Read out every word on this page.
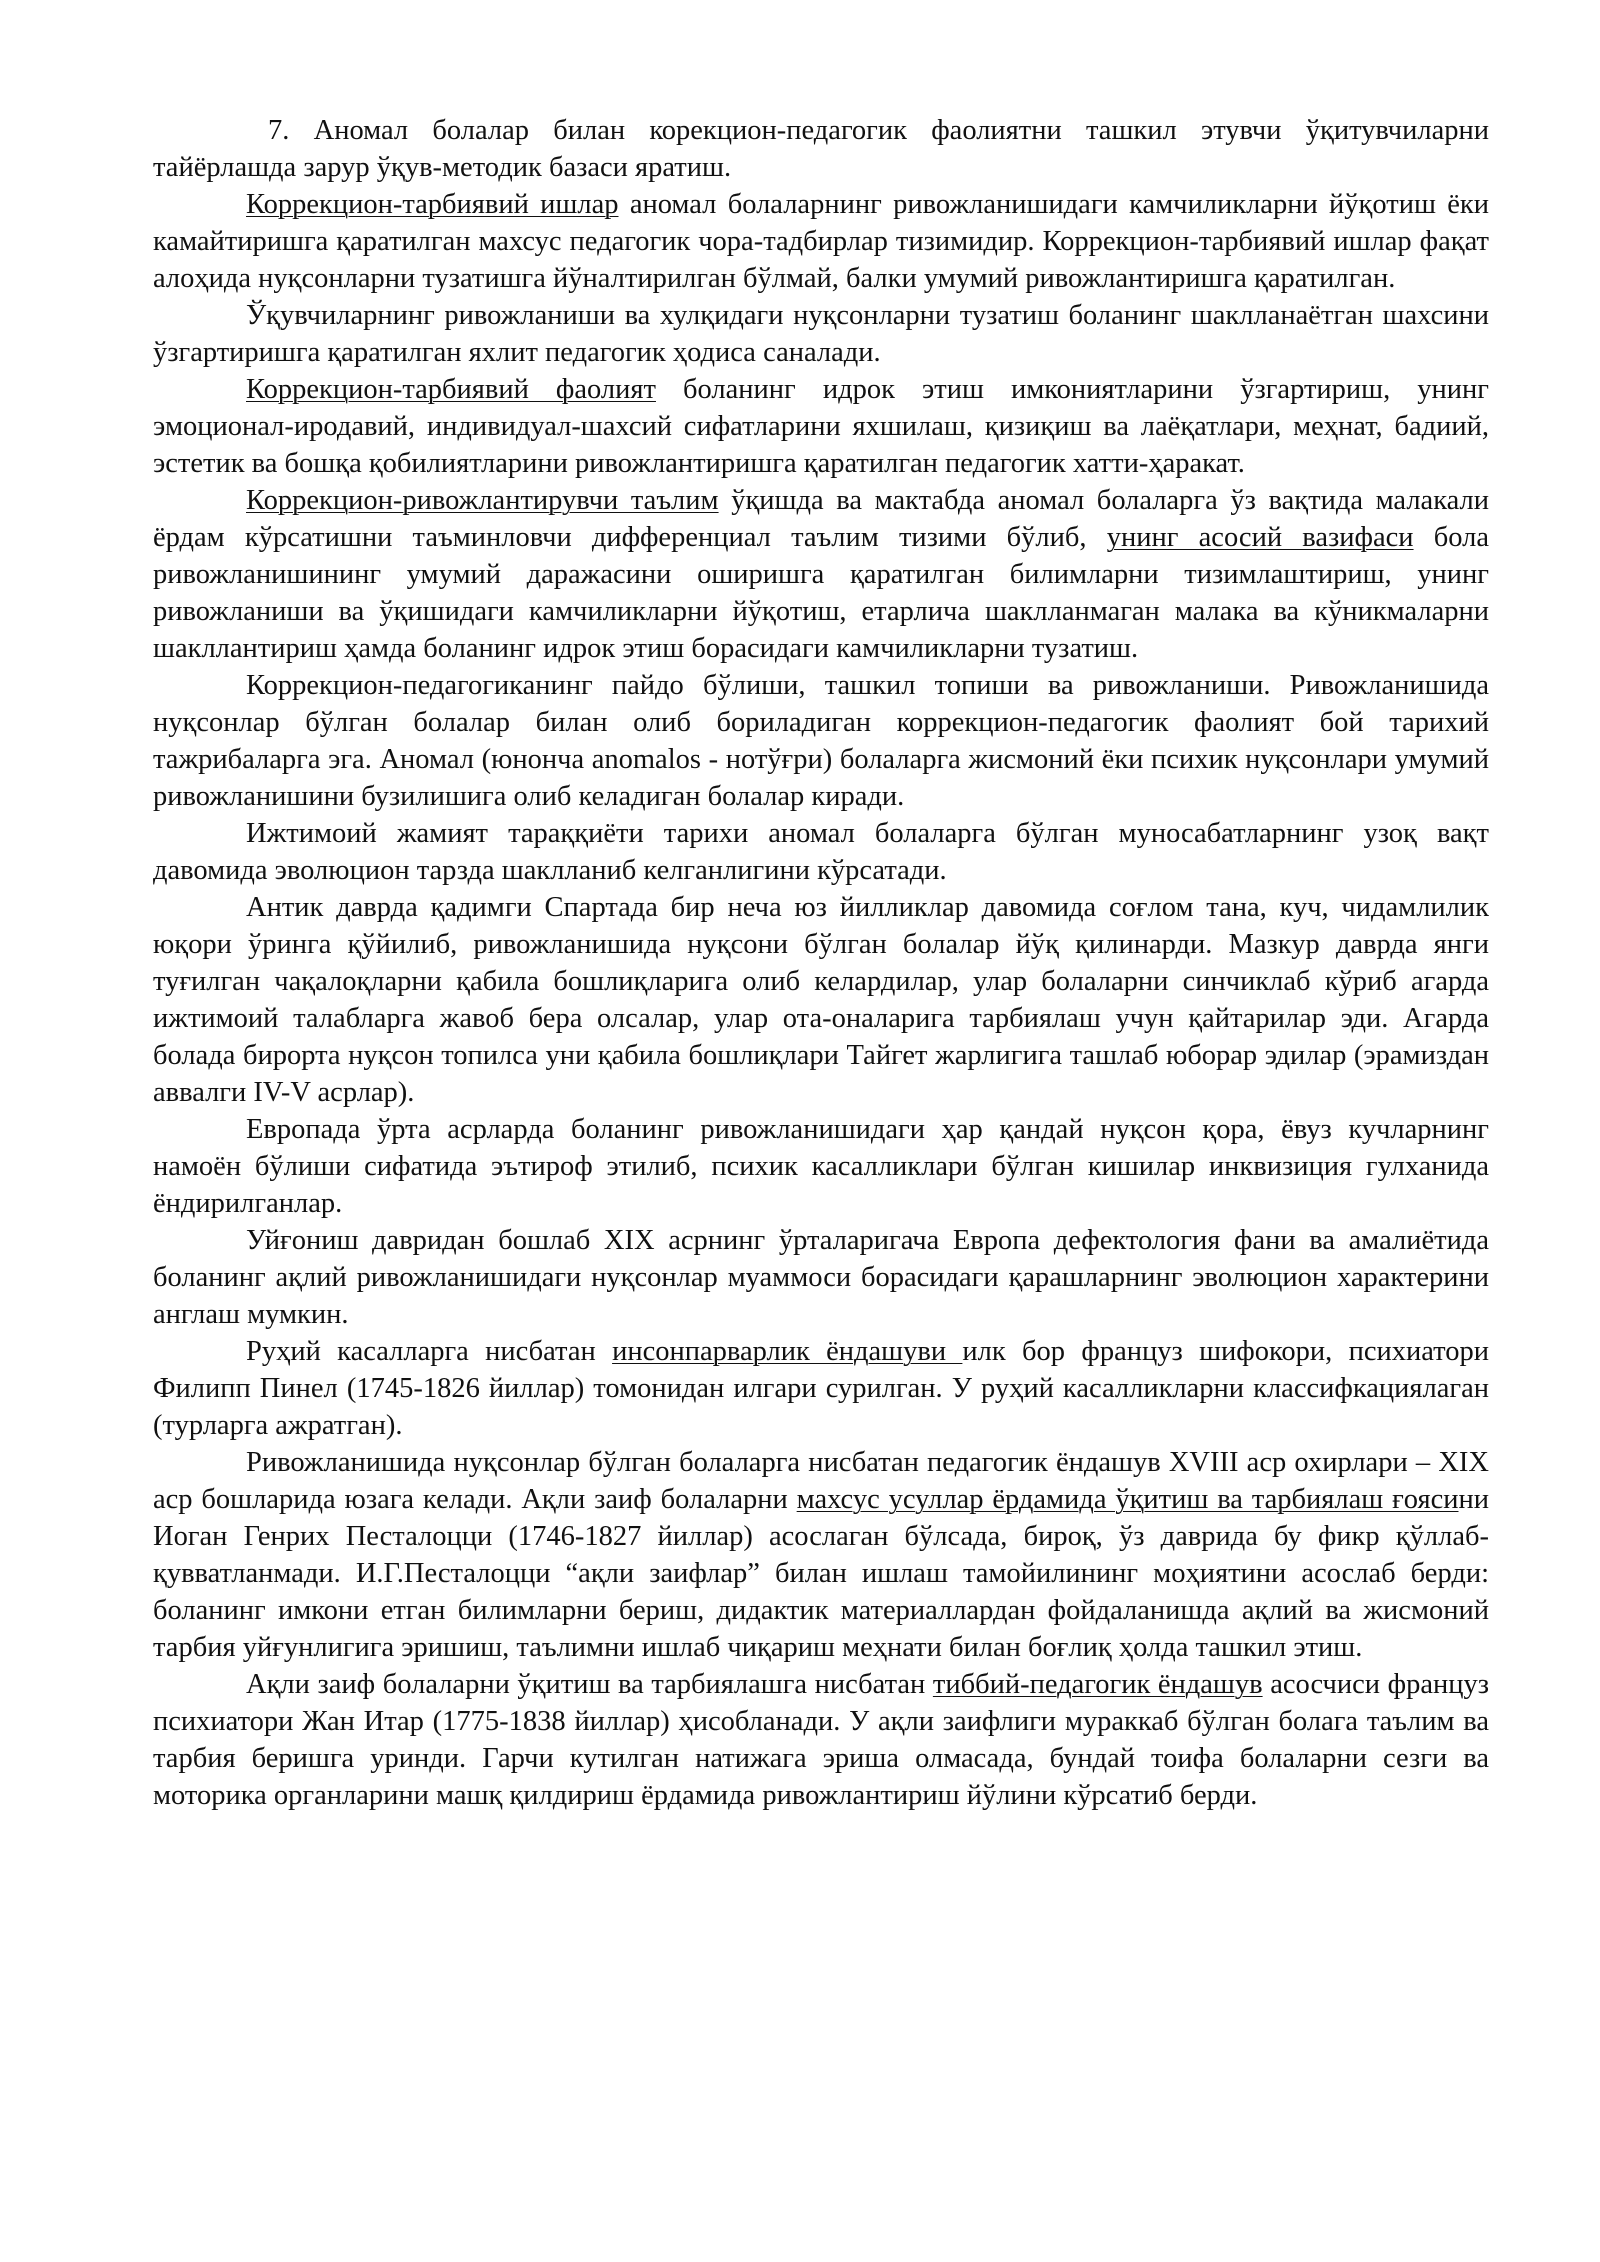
7. Аномал болалар билан корекцион-педагогик фаолиятни ташкил этувчи ўқитувчиларни тайёрлашда зарур ўқув-методик базаси яратиш.

Коррекцион-тарбиявий ишлар аномал болаларнинг ривожланишидаги камчиликларни йўқотиш ёки камайтиришга қаратилган махсус педагогик чора-тадбирлар тизимидир. Коррекцион-тарбиявий ишлар фақат алоҳида нуқсонларни тузатишга йўналтирилган бўлмай, балки умумий ривожлантиришга қаратилган.

Ўқувчиларнинг ривожланиши ва хулқидаги нуқсонларни тузатиш боланинг шаклланаётган шахсини ўзгартиришга қаратилган яхлит педагогик ҳодиса саналади.

Коррекцион-тарбиявий фаолият боланинг идрок этиш имкониятларини ўзгартириш, унинг эмоционал-иродавий, индивидуал-шахсий сифатларини яхшилаш, қизиқиш ва лаёқатлари, меҳнат, бадиий, эстетик ва бошқа қобилиятларини ривожлантиришга қаратилган педагогик хатти-ҳаракат.

Коррекцион-ривожлантирувчи таълим ўқишда ва мактабда аномал болаларга ўз вақтида малакали ёрдам кўрсатишни таъминловчи дифференциал таълим тизими бўлиб, унинг асосий вазифаси бола ривожланишининг умумий даражасини оширишга қаратилган билимларни тизимлаштириш, унинг ривожланиши ва ўқишидаги камчиликларни йўқотиш, етарлича шаклланмаган малака ва кўникмаларни шакллантириш ҳамда боланинг идрок этиш борасидаги камчиликларни тузатиш.

Коррекцион-педагогиканинг пайдо бўлиши, ташкил топиши ва ривожланиши. Ривожланишида нуқсонлар бўлган болалар билан олиб бориладиган коррекцион-педагогик фаолият бой тарихий тажрибаларга эга. Аномал (юнонча anomalos - нотўғри) болаларга жисмоний ёки психик нуқсонлари умумий ривожланишини бузилишига олиб келадиган болалар киради.

Ижтимоий жамият тараққиёти тарихи аномал болаларга бўлган муносабатларнинг узоқ вақт давомида эволюцион тарзда шаклланиб келганлигини кўрсатади.

Антик даврда қадимги Спартада бир неча юз йилликлар давомида соғлом тана, куч, чидамлилик юқори ўринга қўйилиб, ривожланишида нуқсони бўлган болалар йўқ қилинарди. Мазкур даврда янги туғилган чақалоқларни қабила бошлиқларига олиб келардилар, улар болаларни синчиклаб кўриб агарда ижтимоий талабларга жавоб бера олсалар, улар ота-оналарига тарбиялаш учун қайтарилар эди. Агарда болада бирорта нуқсон топилса уни қабила бошлиқлари Тайгет жарлигига ташлаб юборар эдилар (эрамиздан аввалги IV-V асрлар).

Европада ўрта асрларда боланинг ривожланишидаги ҳар қандай нуқсон қора, ёвуз кучларнинг намоён бўлиши сифатида эътироф этилиб, психик касалликлари бўлган кишилар инквизиция гулханида ёндирилганлар.

Уйғониш давридан бошлаб XIX асрнинг ўрталаригача Европа дефектология фани ва амалиётида боланинг ақлий ривожланишидаги нуқсонлар муаммоси борасидаги қарашларнинг эволюцион характерини англаш мумкин.

Руҳий касалларга нисбатан инсонпарварлик ёндашуви илк бор француз шифокори, психиатори Филипп Пинел (1745-1826 йиллар) томонидан илгари сурилган. У руҳий касалликларни классифкациялаган (турларга ажратган).

Ривожланишида нуқсонлар бўлган болаларга нисбатан педагогик ёндашув XVIII аср охирлари – XIX аср бошларида юзага келади. Ақли заиф болаларни махсус усуллар ёрдамида ўқитиш ва тарбиялаш ғоясини Иоган Генрих Песталоцци (1746-1827 йиллар) асослаган бўлсада, бироқ, ўз даврида бу фикр қўллаб-қувватланмади. И.Г.Песталоцци “ақли заифлар” билан ишлаш тамойилининг моҳиятини асослаб берди: боланинг имкони етган билимларни бериш, дидактик материаллардан фойдаланишда ақлий ва жисмоний тарбия уйғунлигига эришиш, таълимни ишлаб чиқариш меҳнати билан боғлиқ ҳолда ташкил этиш.

Ақли заиф болаларни ўқитиш ва тарбиялашга нисбатан тиббий-педагогик ёндашув асосчиси француз психиатори Жан Итар (1775-1838 йиллар) ҳисобланади. У ақли заифлиги мураккаб бўлган болага таълим ва тарбия беришга уринди. Гарчи кутилган натижага эриша олмасада, бундай тоифа болаларни сезги ва моторика органларини машқ қилдириш ёрдамида ривожлантириш йўлини кўрсатиб берди.
